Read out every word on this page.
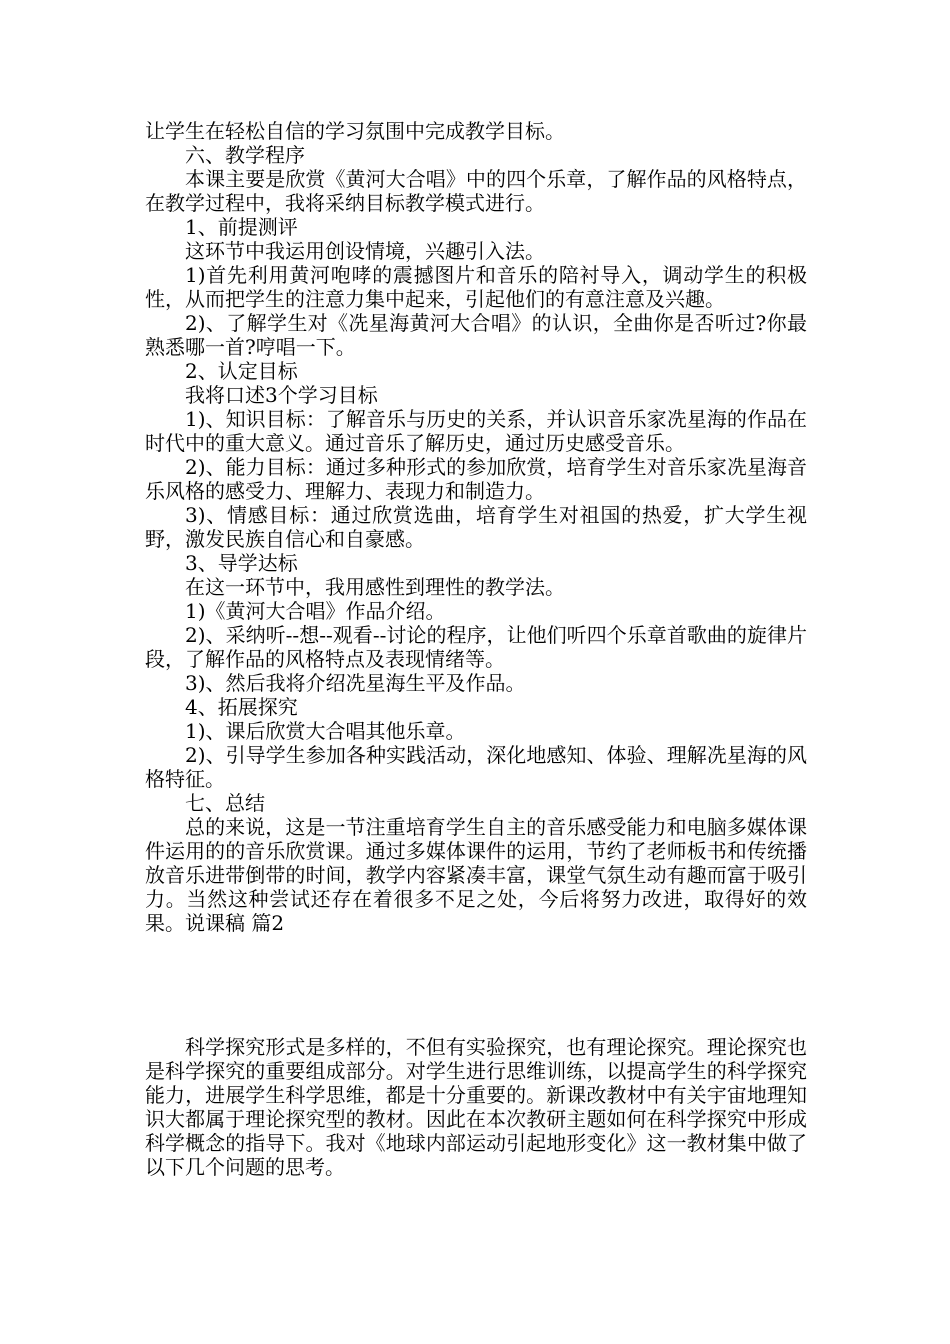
让学生在轻松自信的学习氛围中完成教学目标。

六、教学程序

本课主要是欣赏《黄河大合唱》中的四个乐章，了解作品的风格特点，在教学过程中，我将采纳目标教学模式进行。

1、前提测评

这环节中我运用创设情境，兴趣引入法。

1)首先利用黄河咆哮的震撼图片和音乐的陪衬导入，调动学生的积极性，从而把学生的注意力集中起来，引起他们的有意注意及兴趣。

2)、了解学生对《冼星海黄河大合唱》的认识，全曲你是否听过?你最熟悉哪一首?哼唱一下。

2、认定目标

我将口述3个学习目标

1)、知识目标：了解音乐与历史的关系，并认识音乐家冼星海的作品在时代中的重大意义。通过音乐了解历史，通过历史感受音乐。

2)、能力目标：通过多种形式的参加欣赏，培育学生对音乐家冼星海音乐风格的感受力、理解力、表现力和制造力。

3)、情感目标：通过欣赏选曲，培育学生对祖国的热爱，扩大学生视野，激发民族自信心和自豪感。

3、导学达标

在这一环节中，我用感性到理性的教学法。

1)《黄河大合唱》作品介绍。

2)、采纳听--想--观看--讨论的程序，让他们听四个乐章首歌曲的旋律片段，了解作品的风格特点及表现情绪等。

3)、然后我将介绍冼星海生平及作品。

4、拓展探究

1)、课后欣赏大合唱其他乐章。

2)、引导学生参加各种实践活动，深化地感知、体验、理解冼星海的风格特征。

七、总结

总的来说，这是一节注重培育学生自主的音乐感受能力和电脑多媒体课件运用的的音乐欣赏课。通过多媒体课件的运用，节约了老师板书和传统播放音乐进带倒带的时间，教学内容紧凑丰富，课堂气氛生动有趣而富于吸引力。当然这种尝试还存在着很多不足之处，今后将努力改进，取得好的效果。说课稿 篇2

科学探究形式是多样的，不但有实验探究，也有理论探究。理论探究也是科学探究的重要组成部分。对学生进行思维训练，以提高学生的科学探究能力，进展学生科学思维，都是十分重要的。新课改教材中有关宇宙地理知识大都属于理论探究型的教材。因此在本次教研主题如何在科学探究中形成科学概念的指导下。我对《地球内部运动引起地形变化》这一教材集中做了以下几个问题的思考。
